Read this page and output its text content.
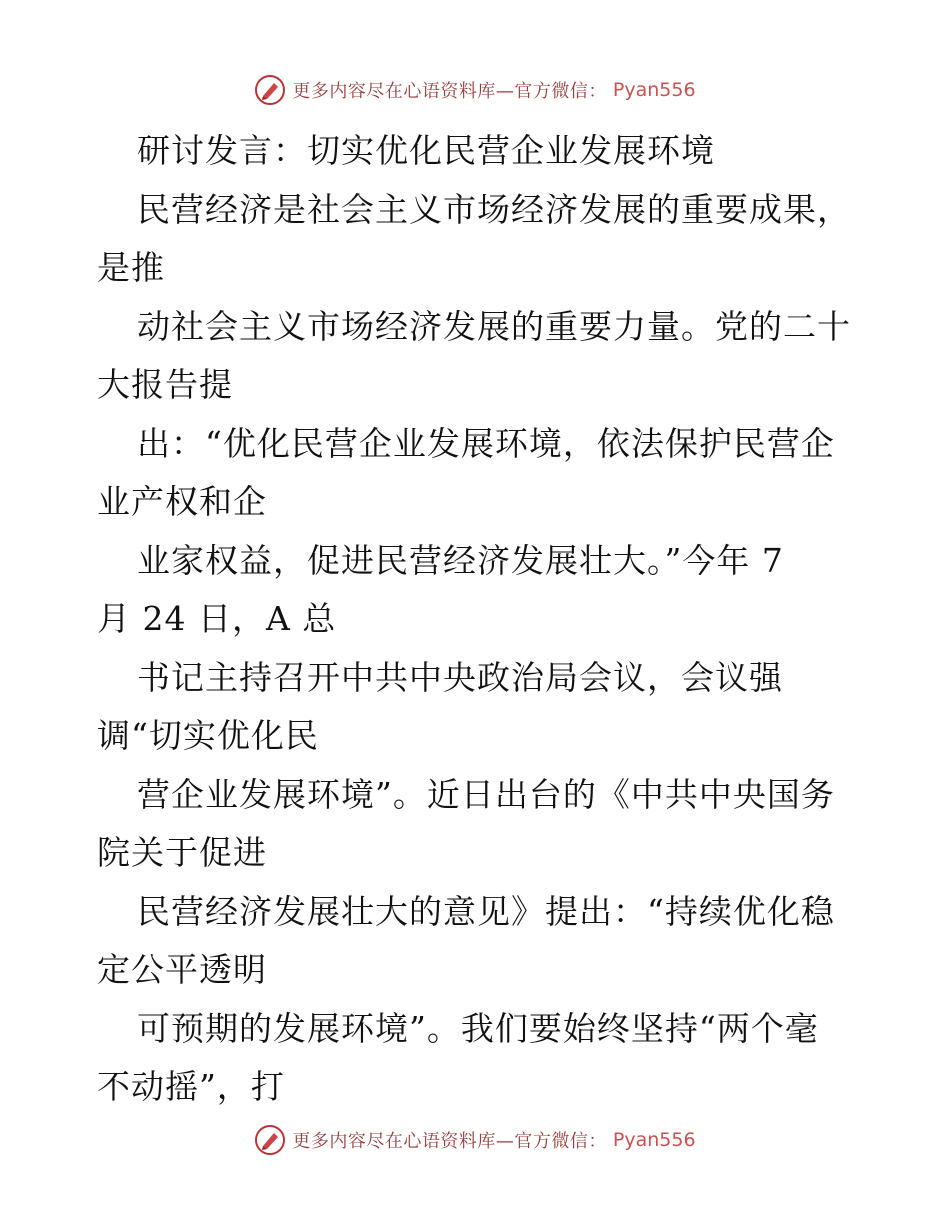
更多内容尽在心语资料库—官方微信： Pyan556
研讨发言：切实优化民营企业发展环境
民营经济是社会主义市场经济发展的重要成果，
是推
动社会主义市场经济发展的重要力量。党的二十
大报告提
出：“优化民营企业发展环境，依法保护民营企
业产权和企
业家权益，促进民营经济发展壮大。”今年 7
月 24 日，A 总
书记主持召开中共中央政治局会议，会议强
调“切实优化民
营企业发展环境”。近日出台的《中共中央国务
院关于促进
民营经济发展壮大的意见》提出：“持续优化稳
定公平透明
可预期的发展环境”。我们要始终坚持“两个毫
不动摇”，打
更多内容尽在心语资料库—官方微信： Pyan556
